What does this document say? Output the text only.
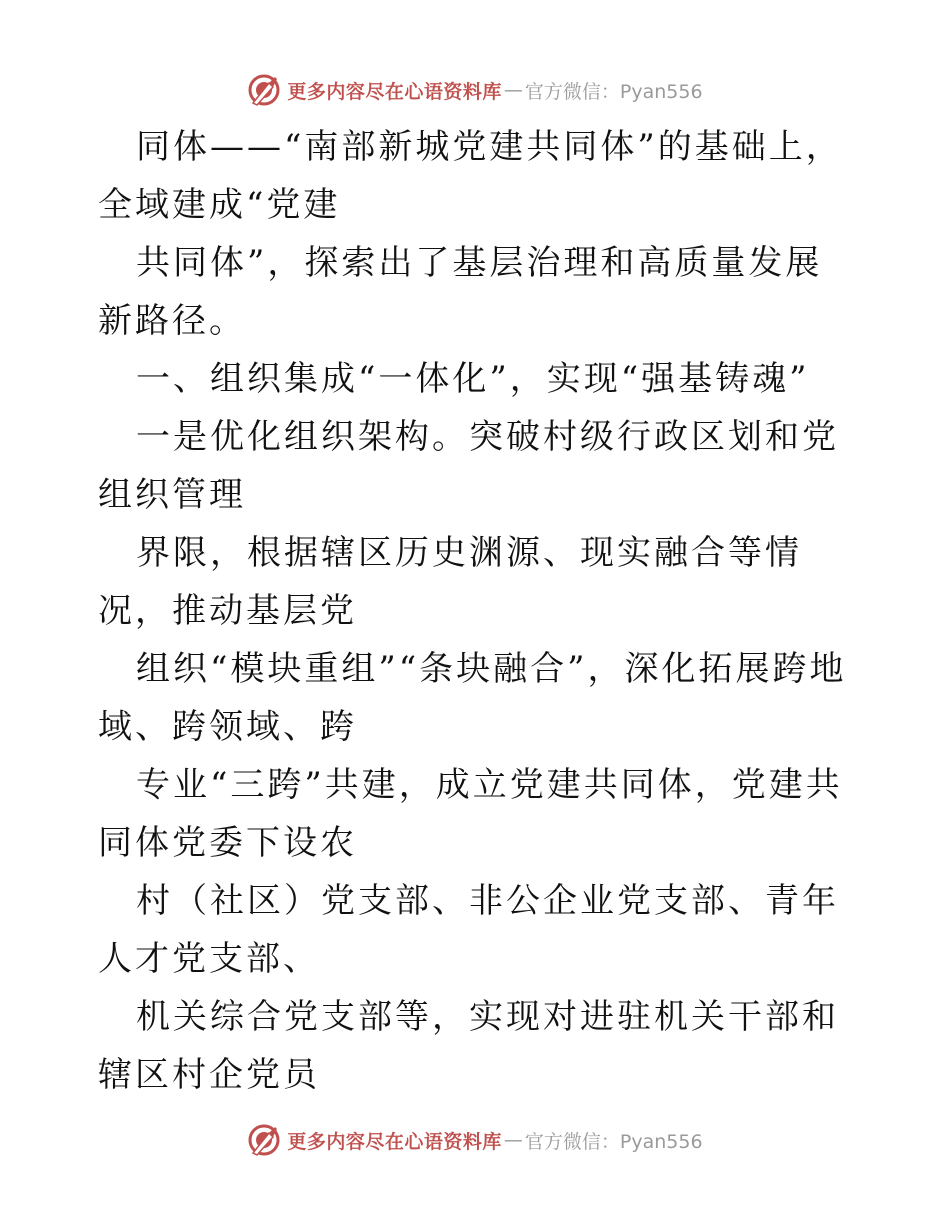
更多内容尽在心语资料库 — 官方微信：Pyan556

同体——“南部新城党建共同体”的基础上，全域建成“党建

共同体”，探索出了基层治理和高质量发展新路径。

一、组织集成“一体化”，实现“强基铸魂”

一是优化组织架构。突破村级行政区划和党组织管理

界限，根据辖区历史渊源、现实融合等情况，推动基层党

组织“模块重组”“条块融合”，深化拓展跨地域、跨领域、跨

专业“三跨”共建，成立党建共同体，党建共同体党委下设农

村（社区）党支部、非公企业党支部、青年人才党支部、

机关综合党支部等，实现对进驻机关干部和辖区村企党员

更多内容尽在心语资料库 — 官方微信：Pyan556
